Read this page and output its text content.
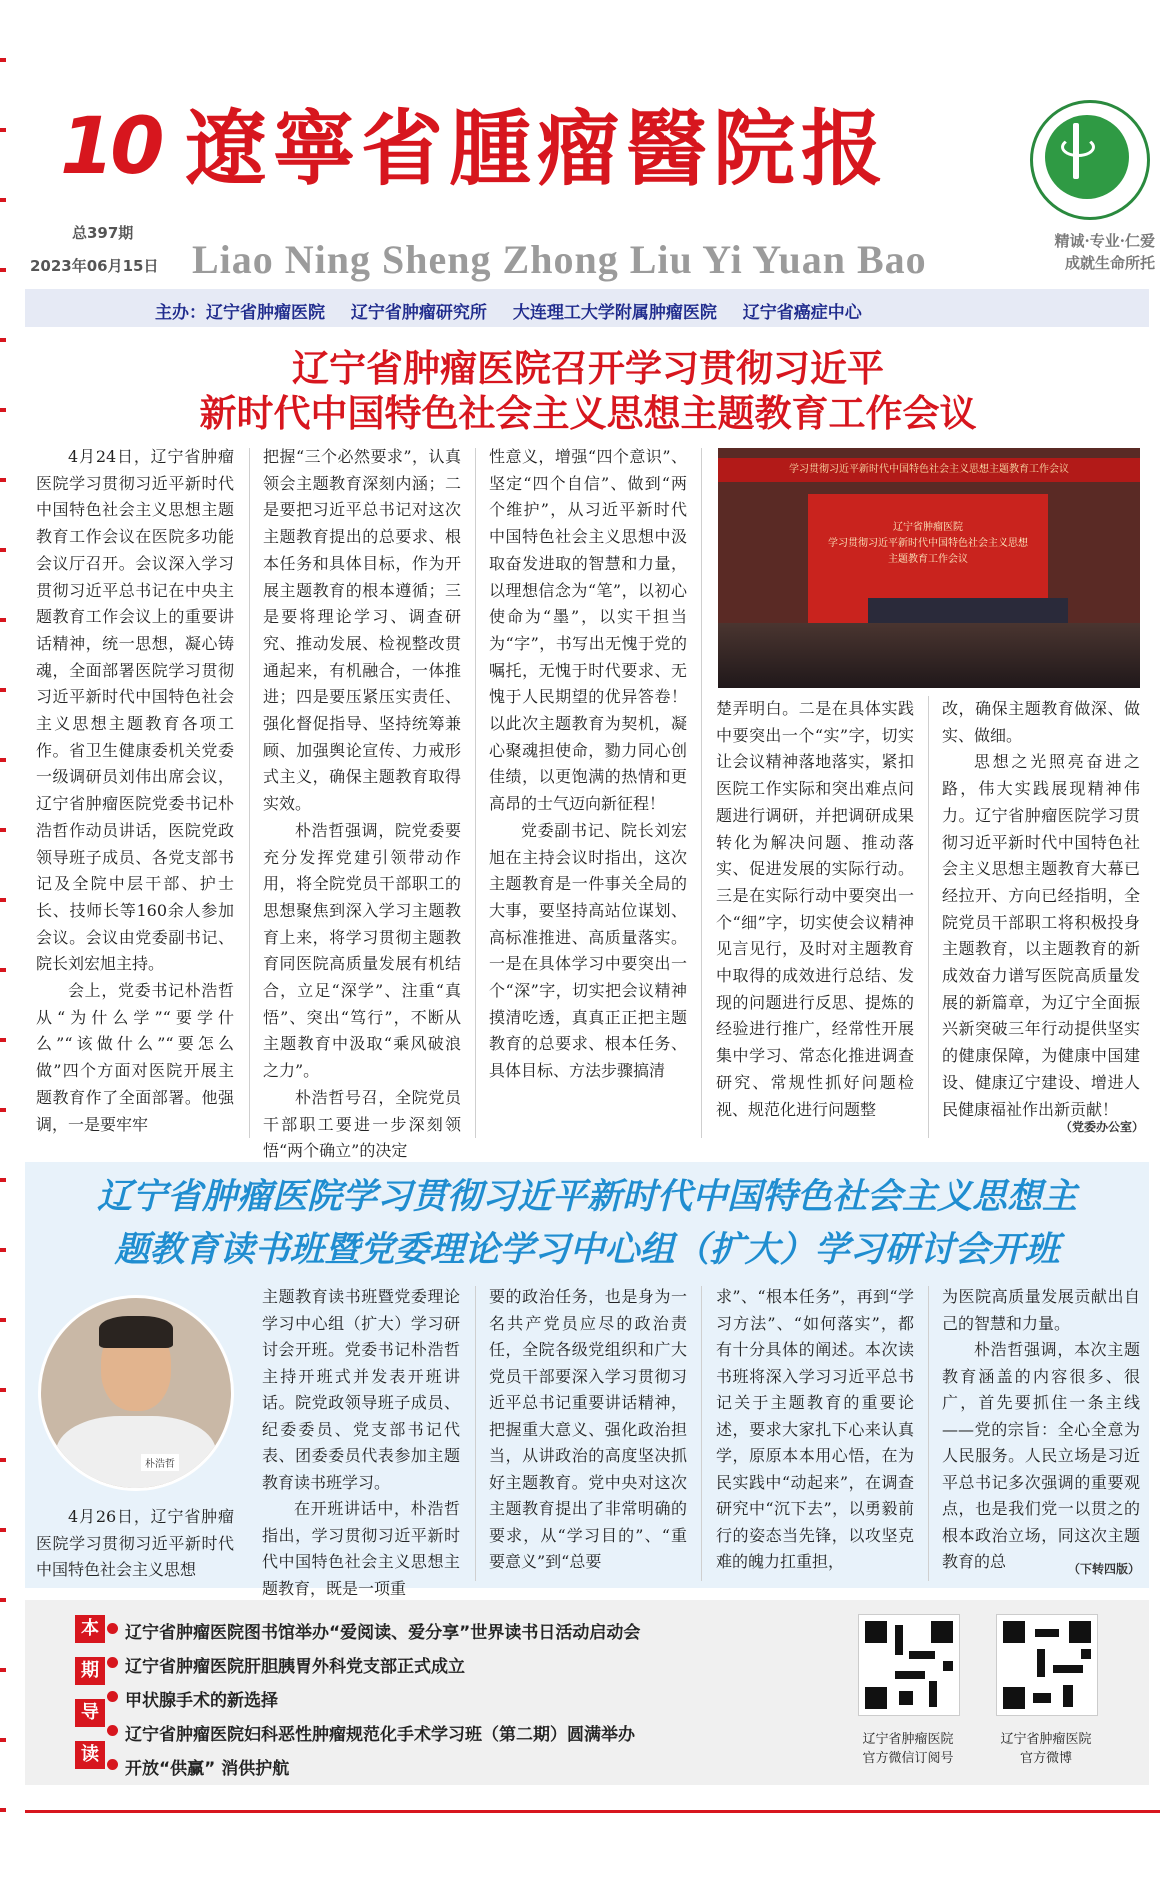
10 遼寧省腫瘤醫院报
总397期
2023年06月15日 Liao Ning Sheng Zhong Liu Yi Yuan Bao	精诚·专业·仁爱
成就生命所托
主办：辽宁省肿瘤医院 辽宁省肿瘤研究所 大连理工大学附属肿瘤医院 辽宁省癌症中心
辽宁省肿瘤医院召开学习贯彻习近平
新时代中国特色社会主义思想主题教育工作会议

4月24日，辽宁省肿瘤医院学习贯彻习近平新时代中国特色社会主义思想主题教育工作会议在医院多功能会议厅召开。会议深入学习贯彻习近平总书记在中央主题教育工作会议上的重要讲话精神，统一思想，凝心铸魂，全面部署医院学习贯彻习近平新时代中国特色社会主义思想主题教育各项工作。省卫生健康委机关党委一级调研员刘伟出席会议，辽宁省肿瘤医院党委书记朴浩哲作动员讲话，医院党政领导班子成员、各党支部书记及全院中层干部、护士长、技师长等160余人参加会议。会议由党委副书记、院长刘宏旭主持。

会上，党委书记朴浩哲从“为什么学”“要学什么”“该做什么”“要怎么做”四个方面对医院开展主题教育作了全面部署。他强调，一是要牢牢

把握“三个必然要求”，认真领会主题教育深刻内涵；二是要把习近平总书记对这次主题教育提出的总要求、根本任务和具体目标，作为开展主题教育的根本遵循；三是要将理论学习、调查研究、推动发展、检视整改贯通起来，有机融合，一体推进；四是要压紧压实责任、强化督促指导、坚持统筹兼顾、加强舆论宣传、力戒形式主义，确保主题教育取得实效。

朴浩哲强调，院党委要充分发挥党建引领带动作用，将全院党员干部职工的思想聚焦到深入学习主题教育上来，将学习贯彻主题教育同医院高质量发展有机结合，立足“深学”、注重“真悟”、突出“笃行”，不断从主题教育中汲取“乘风破浪之力”。

朴浩哲号召，全院党员干部职工要进一步深刻领悟“两个确立”的决定

性意义，增强“四个意识”、坚定“四个自信”、做到“两个维护”，从习近平新时代中国特色社会主义思想中汲取奋发进取的智慧和力量，以理想信念为“笔”，以初心使命为“墨”，以实干担当为“字”，书写出无愧于党的嘱托，无愧于时代要求、无愧于人民期望的优异答卷！以此次主题教育为契机，凝心聚魂担使命，勠力同心创佳绩，以更饱满的热情和更高昂的士气迈向新征程！

党委副书记、院长刘宏旭在主持会议时指出，这次主题教育是一件事关全局的大事，要坚持高站位谋划、高标准推进、高质量落实。一是在具体学习中要突出一个“深”字，切实把会议精神摸清吃透，真真正正把主题教育的总要求、根本任务、具体目标、方法步骤搞清

学习贯彻习近平新时代中国特色社会主义思想主题教育工作会议
辽宁省肿瘤医院
学习贯彻习近平新时代中国特色社会主义思想
主题教育工作会议

楚弄明白。二是在具体实践中要突出一个“实”字，切实让会议精神落地落实，紧扣医院工作实际和突出难点问题进行调研，并把调研成果转化为解决问题、推动落实、促进发展的实际行动。三是在实际行动中要突出一个“细”字，切实使会议精神见言见行，及时对主题教育中取得的成效进行总结、发现的问题进行反思、提炼的经验进行推广，经常性开展集中学习、常态化推进调查研究、常规性抓好问题检视、规范化进行问题整

改，确保主题教育做深、做实、做细。

思想之光照亮奋进之路，伟大实践展现精神伟力。辽宁省肿瘤医院学习贯彻习近平新时代中国特色社会主义思想主题教育大幕已经拉开、方向已经指明，全院党员干部职工将积极投身主题教育，以主题教育的新成效奋力谱写医院高质量发展的新篇章，为辽宁全面振兴新突破三年行动提供坚实的健康保障，为健康中国建设、健康辽宁建设、增进人民健康福祉作出新贡献！

（党委办公室）
辽宁省肿瘤医院学习贯彻习近平新时代中国特色社会主义思想主
题教育读书班暨党委理论学习中心组（扩大）学习研讨会开班
朴浩哲

4月26日，辽宁省肿瘤医院学习贯彻习近平新时代中国特色社会主义思想

主题教育读书班暨党委理论学习中心组（扩大）学习研讨会开班。党委书记朴浩哲主持开班式并发表开班讲话。院党政领导班子成员、纪委委员、党支部书记代表、团委委员代表参加主题教育读书班学习。

在开班讲话中，朴浩哲指出，学习贯彻习近平新时代中国特色社会主义思想主题教育，既是一项重

要的政治任务，也是身为一名共产党员应尽的政治责任，全院各级党组织和广大党员干部要深入学习贯彻习近平总书记重要讲话精神，把握重大意义、强化政治担当，从讲政治的高度坚决抓好主题教育。党中央对这次主题教育提出了非常明确的要求，从“学习目的”、“重要意义”到“总要

求”、“根本任务”，再到“学习方法”、“如何落实”，都有十分具体的阐述。本次读书班将深入学习习近平总书记关于主题教育的重要论述，要求大家扎下心来认真学，原原本本用心悟，在为民实践中“动起来”，在调查研究中“沉下去”，以勇毅前行的姿态当先锋，以攻坚克难的魄力扛重担，

为医院高质量发展贡献出自己的智慧和力量。

朴浩哲强调，本次主题教育涵盖的内容很多、很广，首先要抓住一条主线——党的宗旨：全心全意为人民服务。人民立场是习近平总书记多次强调的重要观点，也是我们党一以贯之的根本政治立场，同这次主题教育的总	（下转四版）
本
期
导
读
辽宁省肿瘤医院图书馆举办“爱阅读、爱分享”世界读书日活动启动会
辽宁省肿瘤医院肝胆胰胃外科党支部正式成立
甲状腺手术的新选择
辽宁省肿瘤医院妇科恶性肿瘤规范化手术学习班（第二期）圆满举办
开放“供赢” 消供护航
辽宁省肿瘤医院
官方微信订阅号
辽宁省肿瘤医院
官方微博
